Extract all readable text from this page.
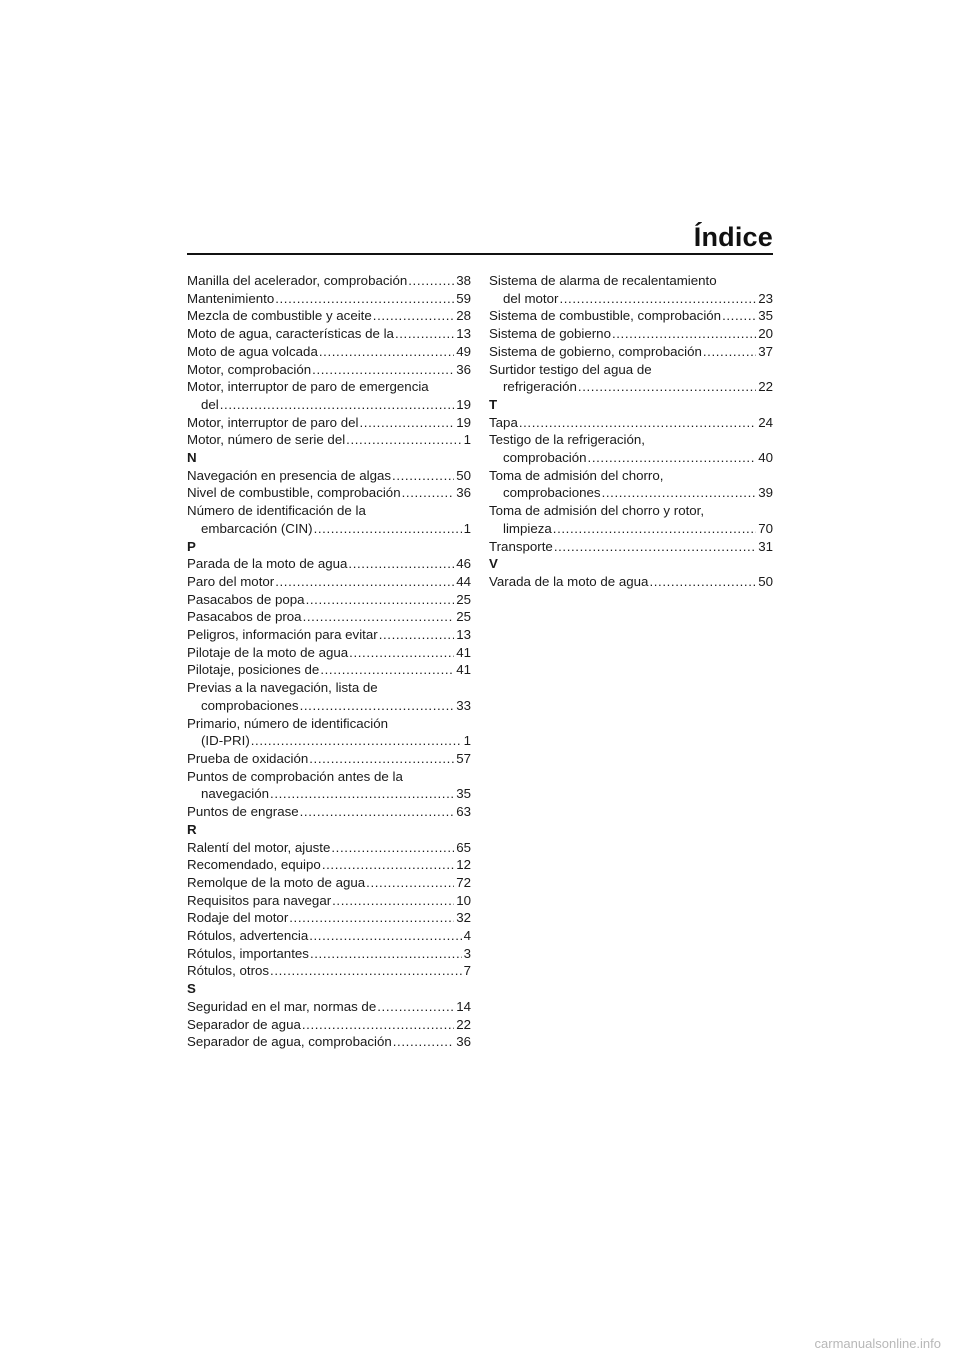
Índice
Manilla del acelerador, comprobación .....	38
Mantenimiento .....	59
Mezcla de combustible y aceite .....	28
Moto de agua, características de la .....	13
Moto de agua volcada .....	49
Motor, comprobación .....	36
Motor, interruptor de paro de emergencia
del .....	19
Motor, interruptor de paro del .....	19
Motor, número de serie del .....	1
N
Navegación en presencia de algas .....	50
Nivel de combustible, comprobación .....	36
Número de identificación de la
embarcación (CIN) .....	1
P
Parada de la moto de agua .....	46
Paro del motor .....	44
Pasacabos de popa .....	25
Pasacabos de proa .....	25
Peligros, información para evitar .....	13
Pilotaje de la moto de agua .....	41
Pilotaje, posiciones de .....	41
Previas a la navegación, lista de
comprobaciones .....	33
Primario, número de identificación
(ID-PRI) .....	1
Prueba de oxidación .....	57
Puntos de comprobación antes de la
navegación .....	35
Puntos de engrase .....	63
R
Ralentí del motor, ajuste .....	65
Recomendado, equipo .....	12
Remolque de la moto de agua .....	72
Requisitos para navegar .....	10
Rodaje del motor .....	32
Rótulos, advertencia .....	4
Rótulos, importantes .....	3
Rótulos, otros .....	7
S
Seguridad en el mar, normas de .....	14
Separador de agua .....	22
Separador de agua, comprobación .....	36
Sistema de alarma de recalentamiento
del motor .....	23
Sistema de combustible, comprobación .....	35
Sistema de gobierno .....	20
Sistema de gobierno, comprobación .....	37
Surtidor testigo del agua de
refrigeración .....	22
T
Tapa .....	24
Testigo de la refrigeración,
comprobación .....	40
Toma de admisión del chorro,
comprobaciones .....	39
Toma de admisión del chorro y rotor,
limpieza .....	70
Transporte .....	31
V
Varada de la moto de agua .....	50
carmanualsonline.info
